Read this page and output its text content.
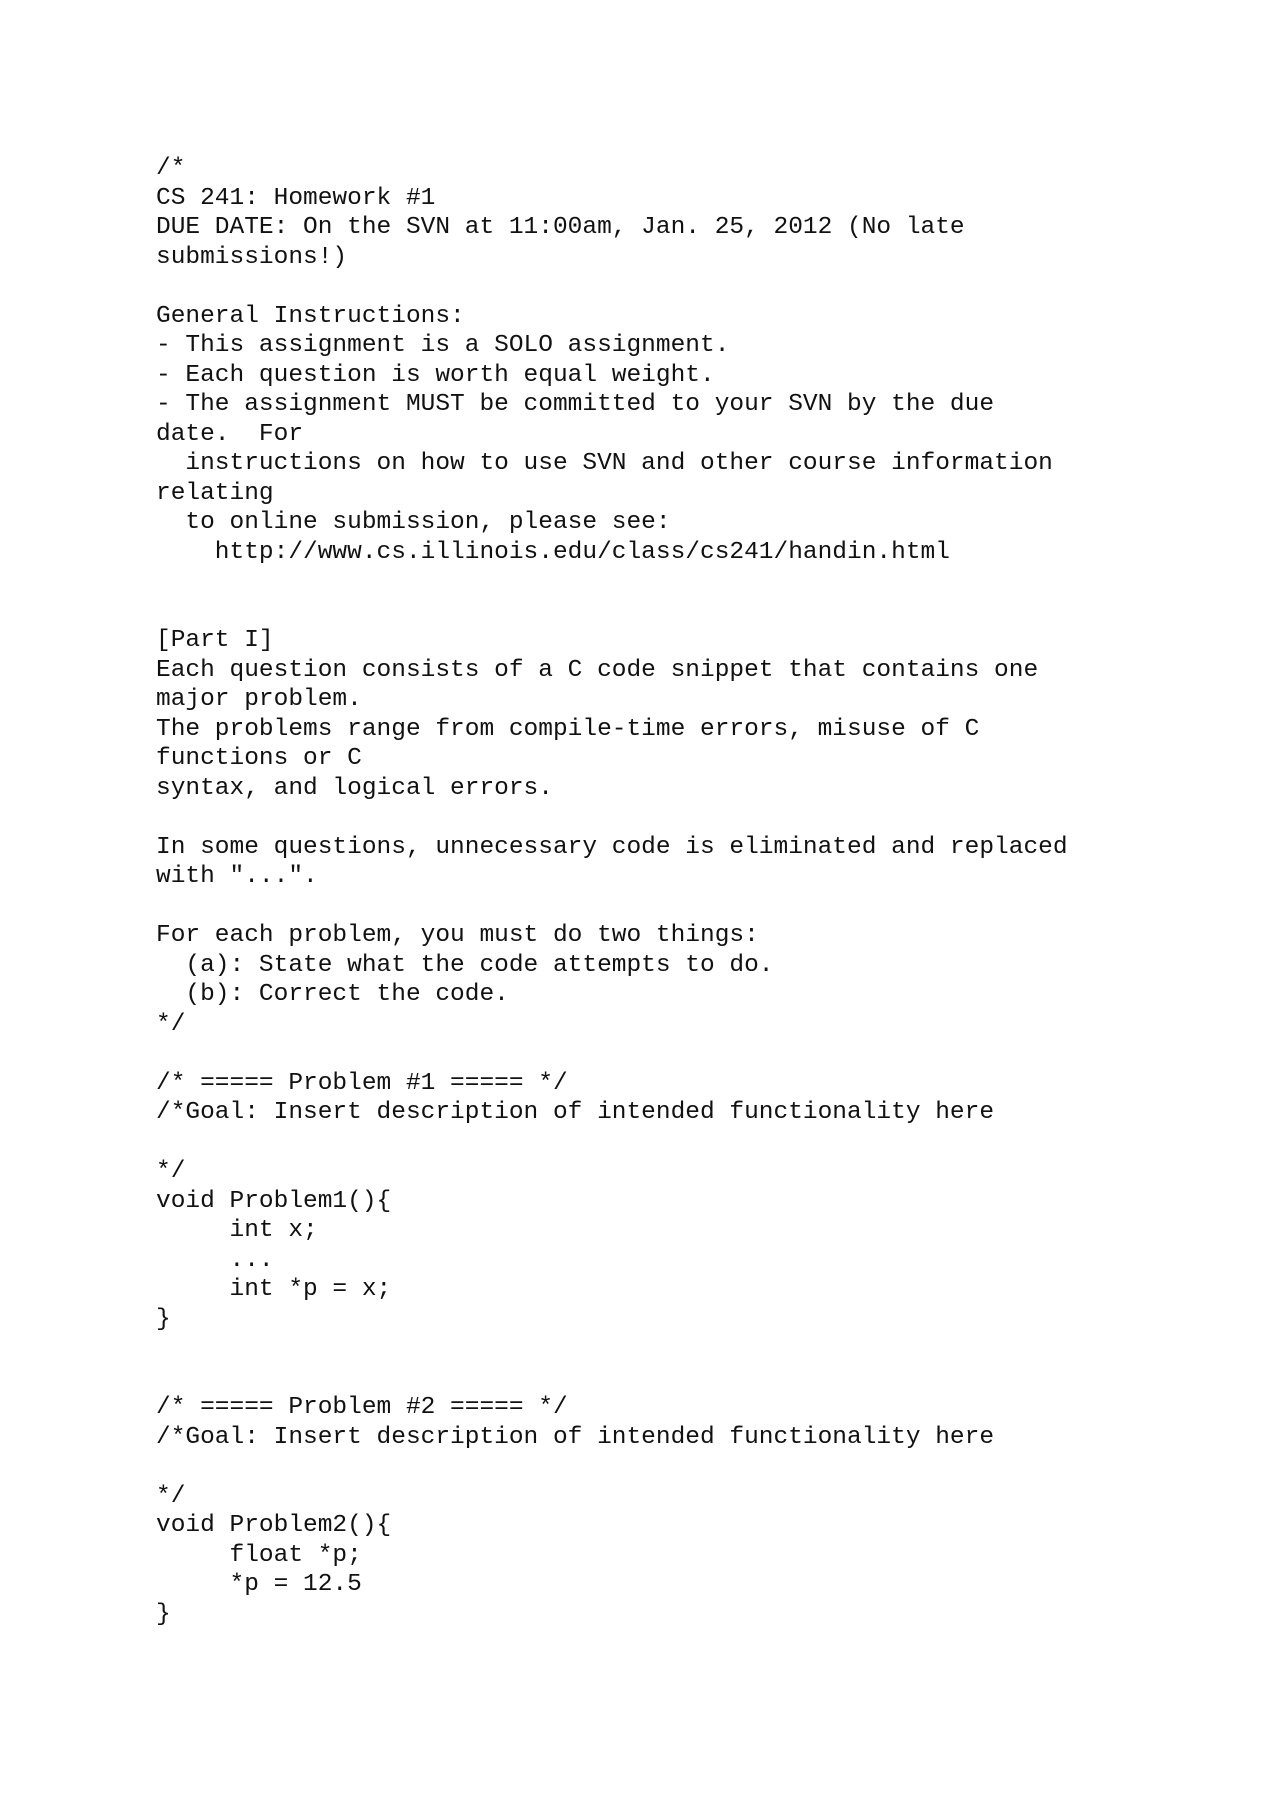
/*
CS 241: Homework #1
DUE DATE: On the SVN at 11:00am, Jan. 25, 2012 (No late
submissions!)
General Instructions:
- This assignment is a SOLO assignment.
- Each question is worth equal weight.
- The assignment MUST be committed to your SVN by the due
date.  For
instructions on how to use SVN and other course information
relating
to online submission, please see:
http://www.cs.illinois.edu/class/cs241/handin.html
[Part I]
Each question consists of a C code snippet that contains one
major problem.
The problems range from compile-time errors, misuse of C
functions or C
syntax, and logical errors.
In some questions, unnecessary code is eliminated and replaced
with "...".
For each problem, you must do two things:
(a): State what the code attempts to do.
(b): Correct the code.
*/
/* ===== Problem #1 ===== */
/*Goal: Insert description of intended functionality here
*/
void Problem1(){
int x;
...
int *p = x;
}
/* ===== Problem #2 ===== */
/*Goal: Insert description of intended functionality here
*/
void Problem2(){
float *p;
*p = 12.5
}
